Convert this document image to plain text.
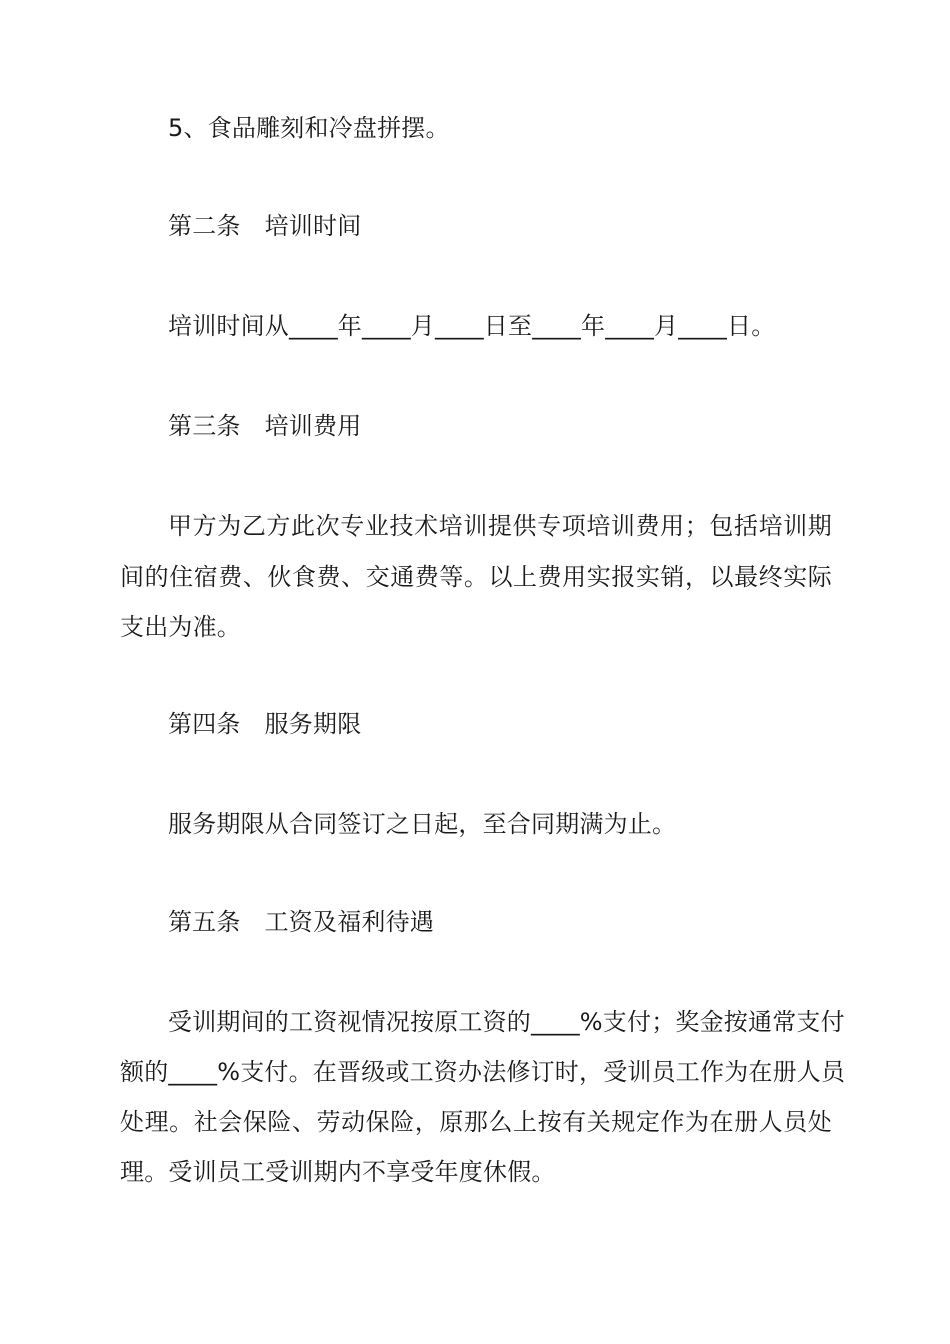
5、食品雕刻和冷盘拼摆。
第二条 培训时间
培训时间从____年____月____日至____年____月____日。
第三条 培训费用
甲方为乙方此次专业技术培训提供专项培训费用；包括培训期
间的住宿费、伙食费、交通费等。以上费用实报实销，以最终实际
支出为准。
第四条 服务期限
服务期限从合同签订之日起，至合同期满为止。
第五条 工资及福利待遇
受训期间的工资视情况按原工资的____%支付；奖金按通常支付
额的____%支付。在晋级或工资办法修订时，受训员工作为在册人员
处理。社会保险、劳动保险，原那么上按有关规定作为在册人员处
理。受训员工受训期内不享受年度休假。
